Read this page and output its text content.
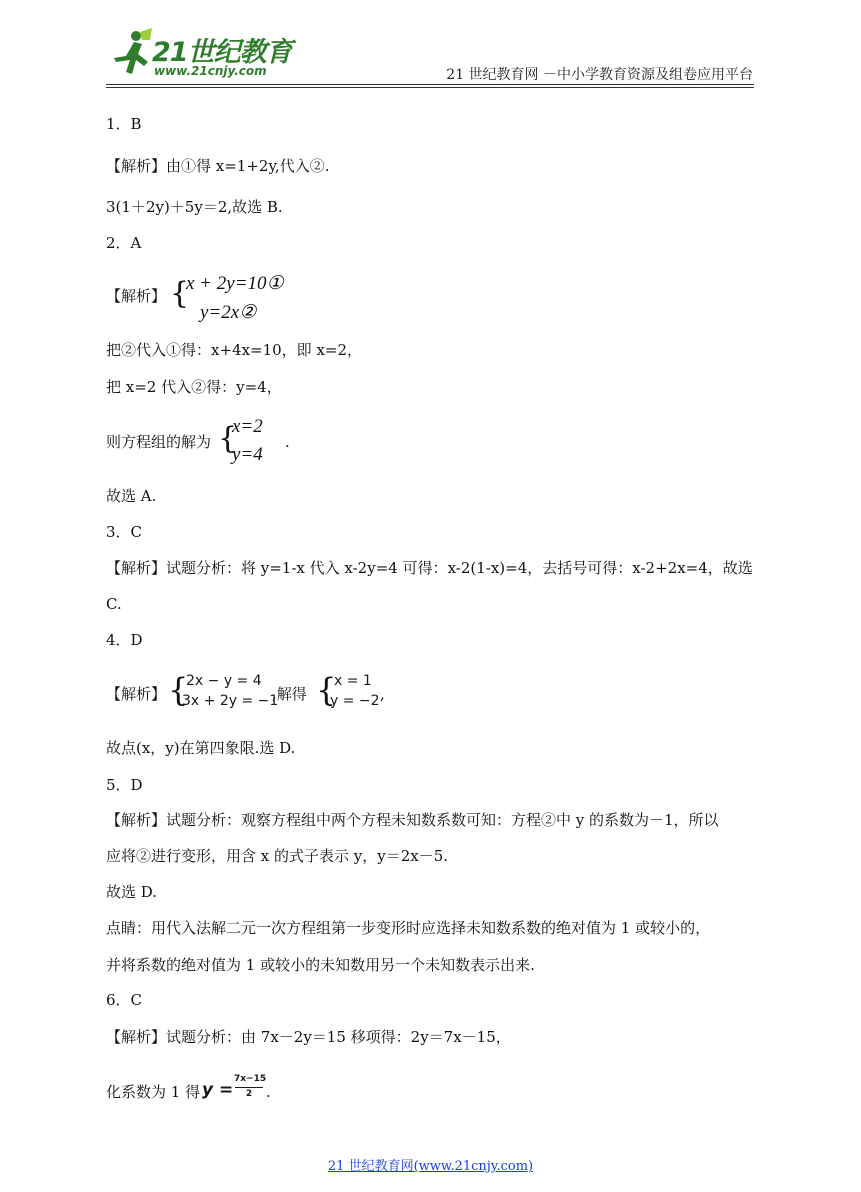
21世纪教育
www.21cnjy.com	21 世纪教育网 －中小学教育资源及组卷应用平台
1．B
【解析】由①得 x=1+2y,代入②.
3(1＋2y)＋5y＝2,故选 B.
2．A
【解析】 {
x + 2y=10①
y=2x②
把②代入①得：x+4x=10，即 x=2，
把 x=2 代入②得：y=4，
则方程组的解为 {
x=2
y=4
.
故选 A.
3．C
【解析】试题分析：将 y=1-x 代入 x-2y=4 可得：x-2(1-x)=4，去括号可得：x-2+2x=4，故选
C.
4．D
【解析】 {
2x − y = 4
3x + 2y = −1
,解得 {
x = 1
y = −2 ,
故点(x，y)在第四象限.选 D.
5．D
【解析】试题分析：观察方程组中两个方程未知数系数可知：方程②中 y 的系数为－1，所以
应将②进行变形，用含 x 的式子表示 y，y＝2x－5.
故选 D.
点睛：用代入法解二元一次方程组第一步变形时应选择未知数系数的绝对值为 1 或较小的，
并将系数的绝对值为 1 或较小的未知数用另一个未知数表示出来.
6．C
【解析】试题分析：由 7x－2y＝15 移项得：2y＝7x－15，
化系数为 1 得 y =
7x−15
2 .
21 世纪教育网(www.21cnjy.com)
